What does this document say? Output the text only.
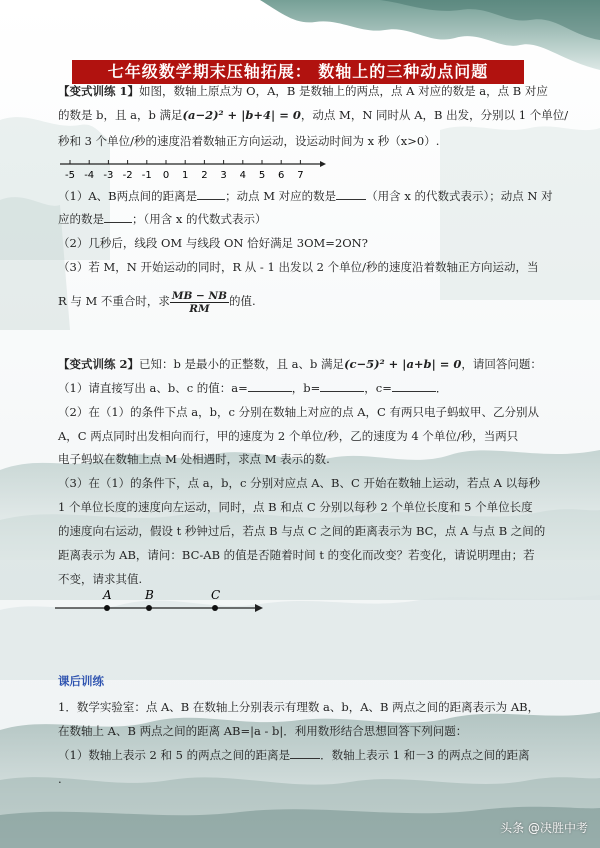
七年级数学期末压轴拓展： 数轴上的三种动点问题
【变式训练 1】如图，数轴上原点为 O，A，B 是数轴上的两点，点 A 对应的数是 a，点 B 对应
的数是 b，且 a，b 满足(a−2)² + |b+4| = 0，动点 M，N 同时从 A，B 出发，分别以 1 个单位/
秒和 3 个单位/秒的速度沿着数轴正方向运动，设运动时间为 x 秒（x>0）.
-5 -4 -3 -2 -1 0 1 2 3 4 5 6 7
（1）A、B两点间的距离是 ；动点 M 对应的数是	（用含 x 的代数式表示）；动点 N 对
应的数是 ；（用含 x 的代数式表示）
（2）几秒后，线段 OM 与线段 ON 恰好满足 3OM=2ON?
（3）若 M，N 开始运动的同时，R 从 - 1 出发以 2 个单位/秒的速度沿着数轴正方向运动，当
R 与 M 不重合时，求 $\frac{MB - NB}{RM}$ 的值.
【变式训练 2】已知：b 是最小的正整数，且 a、b 满足(c−5)² + |a+b| = 0，请回答问题：
（1）请直接写出 a、b、c 的值：a=	，b=	，c=	．
（2）在（1）的条件下点 a，b，c 分别在数轴上对应的点 A，C 有两只电子蚂蚁甲、乙分别从
A，C 两点同时出发相向而行，甲的速度为 2 个单位/秒，乙的速度为 4 个单位/秒，当两只
电子蚂蚁在数轴上点 M 处相遇时，求点 M 表示的数.
（3）在（1）的条件下，点 a，b，c 分别对应点 A、B、C 开始在数轴上运动，若点 A 以每秒
1 个单位长度的速度向左运动，同时，点 B 和点 C 分别以每秒 2 个单位长度和 5 个单位长度
的速度向右运动，假设 t 秒钟过后，若点 B 与点 C 之间的距离表示为 BC，点 A 与点 B 之间的
距离表示为 AB，请问：BC-AB 的值是否随着时间 t 的变化而改变？若变化，请说明理由；若
不变，请求其值.
A	B	C
课后训练
1．数学实验室：点 A、B 在数轴上分别表示有理数 a、b，A、B 两点之间的距离表示为 AB，
在数轴上 A、B 两点之间的距离 AB=|a - b|．利用数形结合思想回答下列问题：
（1）数轴上表示 2 和 5 的两点之间的距离是	．数轴上表示 1 和－3 的两点之间的距离
.
头条 @决胜中考
